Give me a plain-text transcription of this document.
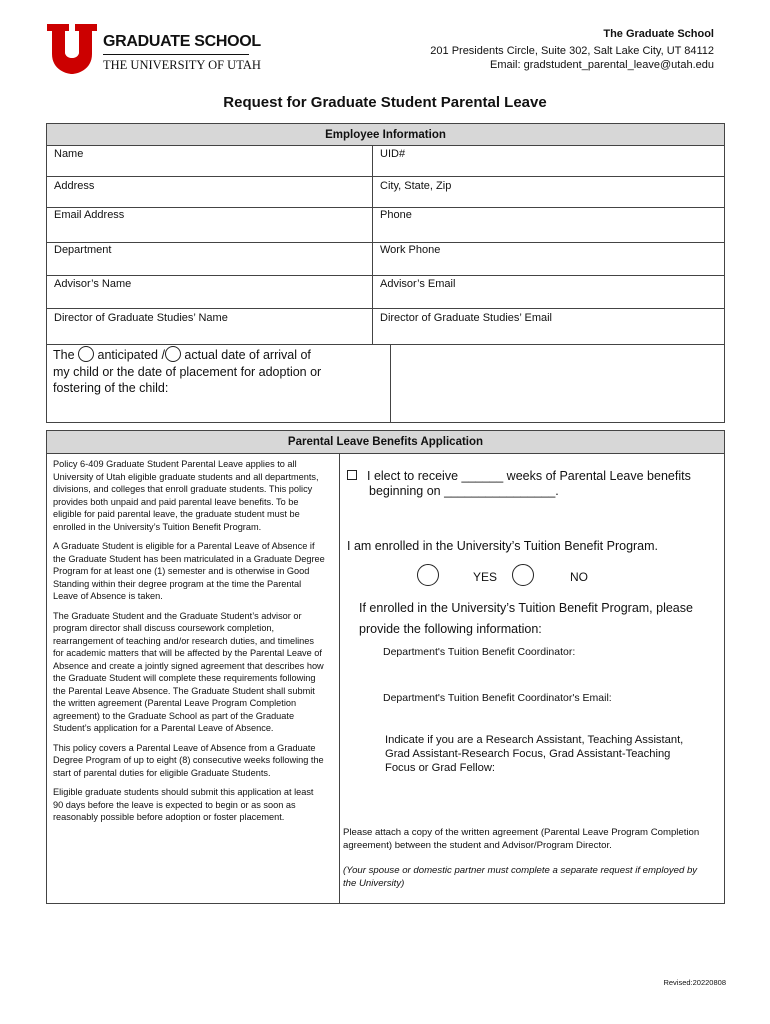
GRADUATE SCHOOL
THE UNIVERSITY OF UTAH
The Graduate School
201 Presidents Circle, Suite 302, Salt Lake City, UT 84112
Email: gradstudent_parental_leave@utah.edu
Request for Graduate Student Parental Leave
Employee Information
Name	UID#
Address	City, State, Zip
Email Address	Phone
Department	Work Phone
Advisor’s Name	Advisor’s Email
Director of Graduate Studies’ Name	Director of Graduate Studies’ Email
The anticipated / actual date of arrival of
my child or the date of placement for adoption or
fostering of the child:
Parental Leave Benefits Application

Policy 6-409 Graduate Student Parental Leave applies to all University of Utah eligible graduate students and all departments, divisions, and colleges that enroll graduate students. This policy provides both unpaid and paid parental leave benefits. To be eligible for paid parental leave, the graduate student must be enrolled in the University’s Tuition Benefit Program.

A Graduate Student is eligible for a Parental Leave of Absence if the Graduate Student has been matriculated in a Graduate Degree Program for at least one (1) semester and is otherwise in Good Standing within their degree program at the time the Parental Leave of Absence is taken.

The Graduate Student and the Graduate Student’s advisor or program director shall discuss coursework completion, rearrangement of teaching and/or research duties, and timelines for academic matters that will be affected by the Parental Leave of Absence and create a jointly signed agreement that describes how the Graduate Student will complete these requirements following the Parental Leave Absence. The Graduate Student shall submit the written agreement (Parental Leave Program Completion agreement) to the Graduate School as part of the Graduate Student’s application for a Parental Leave of Absence.

This policy covers a Parental Leave of Absence from a Graduate Degree Program of up to eight (8) consecutive weeks following the start of parental duties for eligible Graduate Students.

Eligible graduate students should submit this application at least 90 days before the leave is expected to begin or as soon as reasonably possible before adoption or foster placement.

I elect to receive ______ weeks of Parental Leave benefits
beginning on ________________.
I am enrolled in the University’s Tuition Benefit Program.
YES	NO
If enrolled in the University’s Tuition Benefit Program, please
provide the following information:
Department's Tuition Benefit Coordinator:
Department's Tuition Benefit Coordinator's Email:
Indicate if you are a Research Assistant, Teaching Assistant,
Grad Assistant-Research Focus, Grad Assistant-Teaching
Focus or Grad Fellow:
Please attach a copy of the written agreement (Parental Leave Program Completion
agreement) between the student and Advisor/Program Director.
(Your spouse or domestic partner must complete a separate request if employed by
the University)
Revised:20220808
